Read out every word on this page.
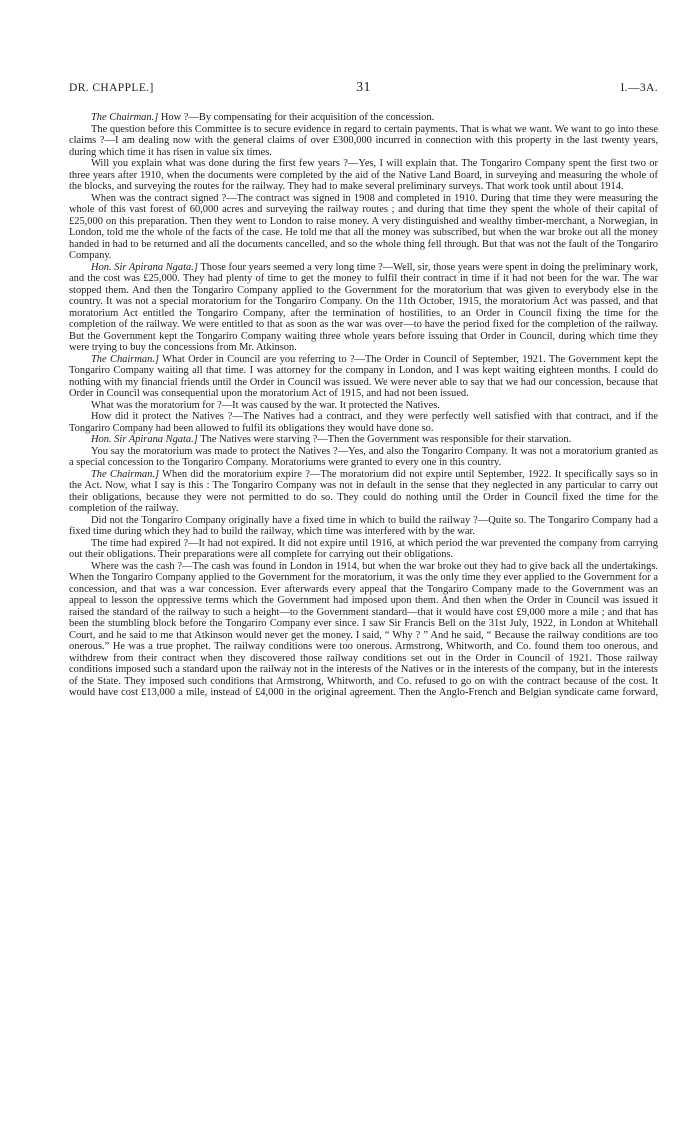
DR. CHAPPLE.]	31	I.—3A.

The Chairman.] How ?—By compensating for their acquisition of the concession.

The question before this Committee is to secure evidence in regard to certain payments. That is what we want. We want to go into these claims ?—I am dealing now with the general claims of over £300,000 incurred in connection with this property in the last twenty years, during which time it has risen in value six times.

Will you explain what was done during the first few years ?—Yes, I will explain that. The Tongariro Company spent the first two or three years after 1910, when the documents were completed by the aid of the Native Land Board, in surveying and measuring the whole of the blocks, and surveying the routes for the railway. They had to make several preliminary surveys. That work took until about 1914.

When was the contract signed ?—The contract was signed in 1908 and completed in 1910. During that time they were measuring the whole of this vast forest of 60,000 acres and surveying the railway routes ; and during that time they spent the whole of their capital of £25,000 on this preparation. Then they went to London to raise money. A very distinguished and wealthy timber-merchant, a Norwegian, in London, told me the whole of the facts of the case. He told me that all the money was subscribed, but when the war broke out all the money handed in had to be returned and all the documents cancelled, and so the whole thing fell through. But that was not the fault of the Tongariro Company.

Hon. Sir Apirana Ngata.] Those four years seemed a very long time ?—Well, sir, those years were spent in doing the preliminary work, and the cost was £25,000. They had plenty of time to get the money to fulfil their contract in time if it had not been for the war. The war stopped them. And then the Tongariro Company applied to the Government for the moratorium that was given to everybody else in the country. It was not a special moratorium for the Tongariro Company. On the 11th October, 1915, the moratorium Act was passed, and that moratorium Act entitled the Tongariro Company, after the termination of hostilities, to an Order in Council fixing the time for the completion of the railway. We were entitled to that as soon as the war was over—to have the period fixed for the completion of the railway. But the Government kept the Tongariro Company waiting three whole years before issuing that Order in Council, during which time they were trying to buy the concessions from Mr. Atkinson.

The Chairman.] What Order in Council are you referring to ?—The Order in Council of September, 1921. The Government kept the Tongariro Company waiting all that time. I was attorney for the company in London, and I was kept waiting eighteen months. I could do nothing with my financial friends until the Order in Council was issued. We were never able to say that we had our concession, because that Order in Council was consequential upon the moratorium Act of 1915, and had not been issued.

What was the moratorium for ?—It was caused by the war. It protected the Natives.

How did it protect the Natives ?—The Natives had a contract, and they were perfectly well satisfied with that contract, and if the Tongariro Company had been allowed to fulfil its obligations they would have done so.

Hon. Sir Apirana Ngata.] The Natives were starving ?—Then the Government was responsible for their starvation.

You say the moratorium was made to protect the Natives ?—Yes, and also the Tongariro Company. It was not a moratorium granted as a special concession to the Tongariro Company. Moratoriums were granted to every one in this country.

The Chairman.] When did the moratorium expire ?—The moratorium did not expire until September, 1922. It specifically says so in the Act. Now, what I say is this : The Tongariro Company was not in default in the sense that they neglected in any particular to carry out their obligations, because they were not permitted to do so. They could do nothing until the Order in Council fixed the time for the completion of the railway.

Did not the Tongariro Company originally have a fixed time in which to build the railway ?—Quite so. The Tongariro Company had a fixed time during which they had to build the railway, which time was interfered with by the war.

The time had expired ?—It had not expired. It did not expire until 1916, at which period the war prevented the company from carrying out their obligations. Their preparations were all complete for carrying out their obligations.

Where was the cash ?—The cash was found in London in 1914, but when the war broke out they had to give back all the undertakings. When the Tongariro Company applied to the Government for the moratorium, it was the only time they ever applied to the Government for a concession, and that was a war concession. Ever afterwards every appeal that the Tongariro Company made to the Government was an appeal to lesson the oppressive terms which the Government had imposed upon them. And then when the Order in Council was issued it raised the standard of the railway to such a height—to the Government standard—that it would have cost £9,000 more a mile ; and that has been the stumbling block before the Tongariro Company ever since. I saw Sir Francis Bell on the 31st July, 1922, in London at Whitehall Court, and he said to me that Atkinson would never get the money. I said, “ Why ? ” And he said, “ Because the railway conditions are too onerous.” He was a true prophet. The railway conditions were too onerous. Armstrong, Whitworth, and Co. found them too onerous, and withdrew from their contract when they discovered those railway conditions set out in the Order in Council of 1921. Those railway conditions imposed such a standard upon the railway not in the interests of the Natives or in the interests of the company, but in the interests of the State. They imposed such conditions that Armstrong, Whitworth, and Co. refused to go on with the contract because of the cost. It would have cost £13,000 a mile, instead of £4,000 in the original agreement. Then the Anglo-French and Belgian syndicate came forward,
